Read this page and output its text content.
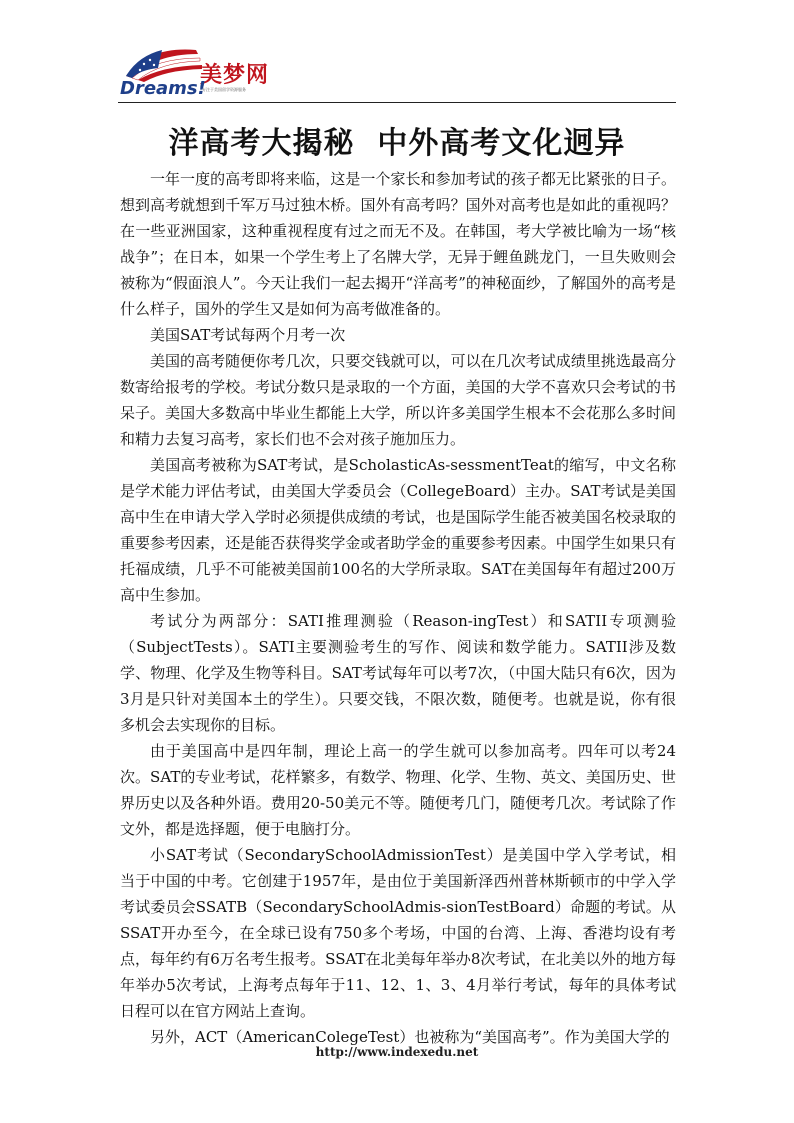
美梦网
Dreams!
专注于美国留学资源服务
洋高考大揭秘  中外高考文化迥异

一年一度的高考即将来临，这是一个家长和参加考试的孩子都无比紧张的日子。想到高考就想到千军万马过独木桥。国外有高考吗？国外对高考也是如此的重视吗？在一些亚洲国家，这种重视程度有过之而无不及。在韩国，考大学被比喻为一场“核战争”；在日本，如果一个学生考上了名牌大学，无异于鲤鱼跳龙门，一旦失败则会被称为“假面浪人”。今天让我们一起去揭开“洋高考”的神秘面纱，了解国外的高考是什么样子，国外的学生又是如何为高考做准备的。

美国SAT考试每两个月考一次

美国的高考随便你考几次，只要交钱就可以，可以在几次考试成绩里挑选最高分数寄给报考的学校。考试分数只是录取的一个方面，美国的大学不喜欢只会考试的书呆子。美国大多数高中毕业生都能上大学，所以许多美国学生根本不会花那么多时间和精力去复习高考，家长们也不会对孩子施加压力。

美国高考被称为SAT考试，是ScholasticAs-sessmentTeat的缩写，中文名称是学术能力评估考试，由美国大学委员会（CollegeBoard）主办。SAT考试是美国高中生在申请大学入学时必须提供成绩的考试，也是国际学生能否被美国名校录取的重要参考因素，还是能否获得奖学金或者助学金的重要参考因素。中国学生如果只有托福成绩，几乎不可能被美国前100名的大学所录取。SAT在美国每年有超过200万高中生参加。

考试分为两部分：SATI推理测验（Reason-ingTest）和SATII专项测验（SubjectTests）。SATI主要测验考生的写作、阅读和数学能力。SATII涉及数学、物理、化学及生物等科目。SAT考试每年可以考7次，（中国大陆只有6次，因为3月是只针对美国本土的学生）。只要交钱，不限次数，随便考。也就是说，你有很多机会去实现你的目标。

由于美国高中是四年制，理论上高一的学生就可以参加高考。四年可以考24次。SAT的专业考试，花样繁多，有数学、物理、化学、生物、英文、美国历史、世界历史以及各种外语。费用20-50美元不等。随便考几门，随便考几次。考试除了作文外，都是选择题，便于电脑打分。

小SAT考试（SecondarySchoolAdmissionTest）是美国中学入学考试，相当于中国的中考。它创建于1957年，是由位于美国新泽西州普林斯顿市的中学入学考试委员会SSATB（SecondarySchoolAdmis-sionTestBoard）命题的考试。从SSAT开办至今，在全球已设有750多个考场，中国的台湾、上海、香港均设有考点，每年约有6万名考生报考。SSAT在北美每年举办8次考试，在北美以外的地方每年举办5次考试，上海考点每年于11、12、1、3、4月举行考试，每年的具体考试日程可以在官方网站上查询。

另外，ACT（AmericanColegeTest）也被称为“美国高考”。作为美国大学的

http://www.indexedu.net
